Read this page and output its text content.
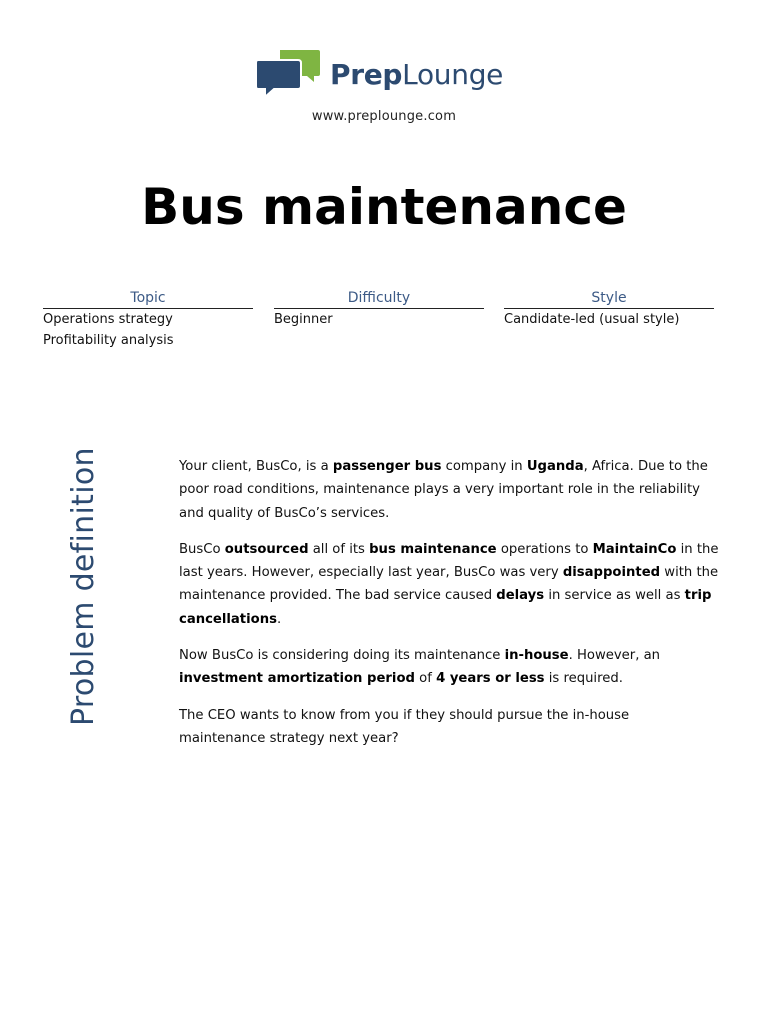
PrepLounge
www.preplounge.com
Bus maintenance
Topic
Operations strategy
Profitability analysis
Difficulty
Beginner
Style
Candidate-led (usual style)
Problem definition	Your client, BusCo, is a passenger bus company in Uganda, Africa. Due to the poor road conditions, maintenance plays a very important role in the reliability and quality of BusCo’s services.

BusCo outsourced all of its bus maintenance operations to MaintainCo in the last years. However, especially last year, BusCo was very disappointed with the maintenance provided. The bad service caused delays in service as well as trip cancellations.

Now BusCo is considering doing its maintenance in-house. However, an investment amortization period of 4 years or less is required.

The CEO wants to know from you if they should pursue the in-house maintenance strategy next year?
